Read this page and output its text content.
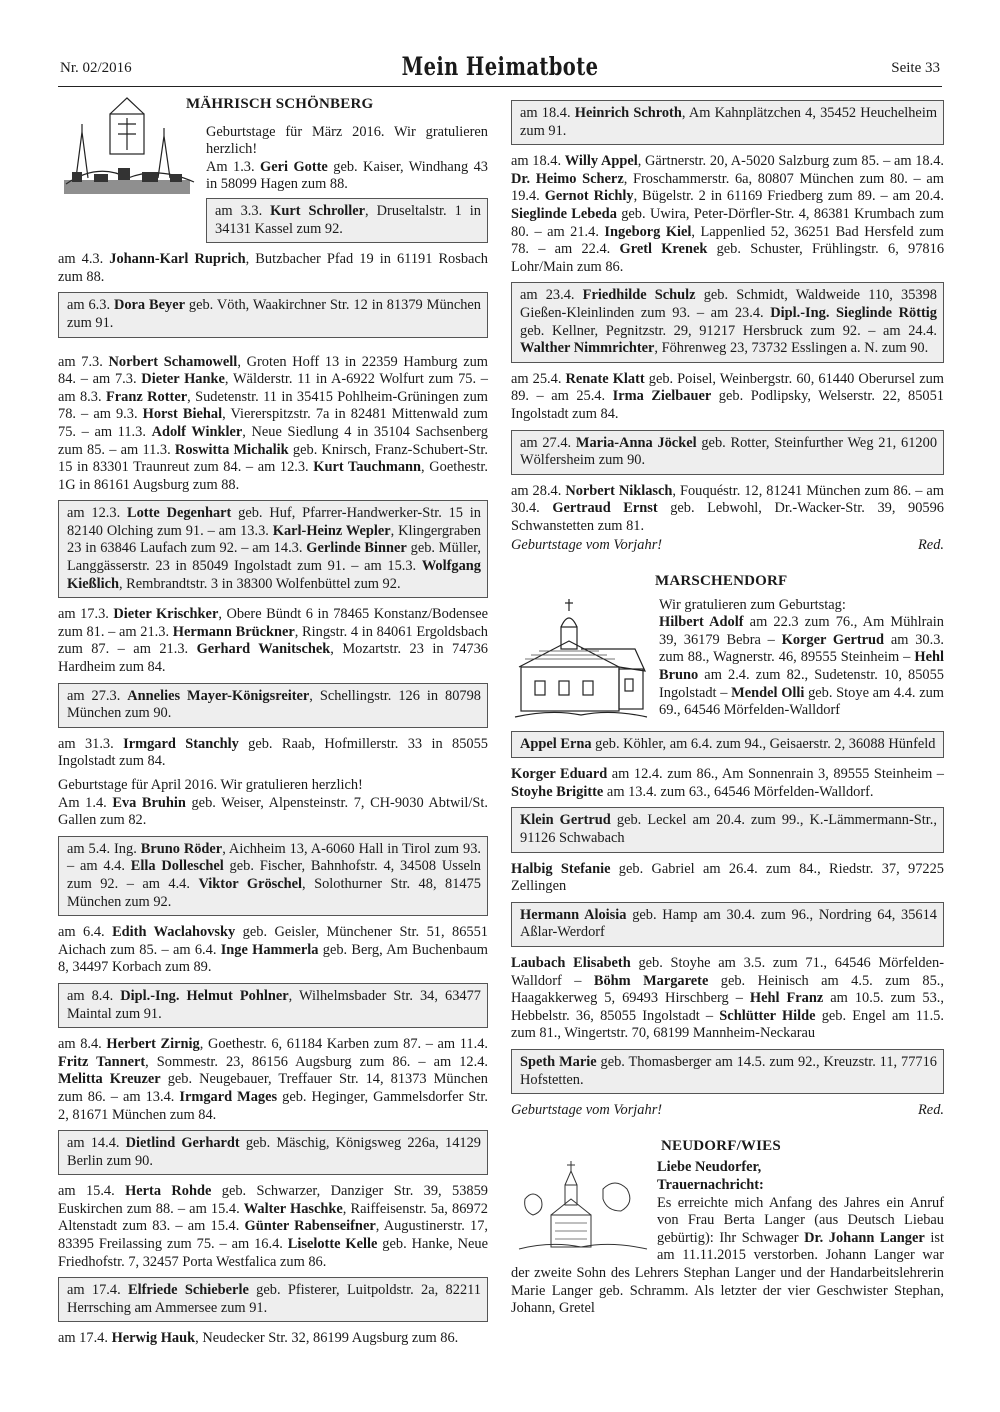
Nr. 02/2016	Mein Heimatbote	Seite 33
MÄHRISCH SCHÖNBERG
Geburtstage für März 2016. Wir gratulieren herzlich!
Am 1.3. Geri Gotte geb. Kaiser, Windhang 43 in 58099 Hagen zum 88.
am 3.3. Kurt Schroller, Druseltalstr. 1 in 34131 Kassel zum 92.

am 4.3. Johann-Karl Ruprich, Butzbacher Pfad 19 in 61191 Rosbach zum 88.

am 6.3. Dora Beyer geb. Vöth, Waakirchner Str. 12 in 81379 München zum 91.

am 7.3. Norbert Schamowell, Groten Hoff 13 in 22359 Hamburg zum 84. – am 7.3. Dieter Hanke, Wälderstr. 11 in A-6922 Wolfurt zum 75. – am 8.3. Franz Rotter, Sudetenstr. 11 in 35415 Pohlheim-Grüningen zum 78. – am 9.3. Horst Biehal, Viererspitzstr. 7a in 82481 Mittenwald zum 75. – am 11.3. Adolf Winkler, Neue Siedlung 4 in 35104 Sachsenberg zum 85. – am 11.3. Roswitta Michalik geb. Knirsch, Franz-Schubert-Str. 15 in 83301 Traunreut zum 84. – am 12.3. Kurt Tauchmann, Goethestr. 1G in 86161 Augsburg zum 88.

am 12.3. Lotte Degenhart geb. Huf, Pfarrer-Handwerker-Str. 15 in 82140 Olching zum 91. – am 13.3. Karl-Heinz Wepler, Klingergraben 23 in 63846 Laufach zum 92. – am 14.3. Gerlinde Binner geb. Müller, Langgässerstr. 23 in 85049 Ingolstadt zum 91. – am 15.3. Wolfgang Kießlich, Rembrandtstr. 3 in 38300 Wolfenbüttel zum 92.

am 17.3. Dieter Krischker, Obere Bündt 6 in 78465 Konstanz/Bodensee zum 81. – am 21.3. Hermann Brückner, Ringstr. 4 in 84061 Ergoldsbach zum 87. – am 21.3. Gerhard Wanitschek, Mozartstr. 23 in 74736 Hardheim zum 84.

am 27.3. Annelies Mayer-Königsreiter, Schellingstr. 126 in 80798 München zum 90.

am 31.3. Irmgard Stanchly geb. Raab, Hofmillerstr. 33 in 85055 Ingolstadt zum 84.

Geburtstage für April 2016. Wir gratulieren herzlich!
Am 1.4. Eva Bruhin geb. Weiser, Alpensteinstr. 7, CH-9030 Abtwil/St. Gallen zum 82.

am 5.4. Ing. Bruno Röder, Aichheim 13, A-6060 Hall in Tirol zum 93. – am 4.4. Ella Dolleschel geb. Fischer, Bahnhofstr. 4, 34508 Usseln zum 92. – am 4.4. Viktor Gröschel, Solothurner Str. 48, 81475 München zum 92.

am 6.4. Edith Waclahovsky geb. Geisler, Münchener Str. 51, 86551 Aichach zum 85. – am 6.4. Inge Hammerla geb. Berg, Am Buchenbaum 8, 34497 Korbach zum 89.

am 8.4. Dipl.-Ing. Helmut Pohlner, Wilhelmsbader Str. 34, 63477 Maintal zum 91.

am 8.4. Herbert Zirnig, Goethestr. 6, 61184 Karben zum 87. – am 11.4. Fritz Tannert, Sommestr. 23, 86156 Augsburg zum 86. – am 12.4. Melitta Kreuzer geb. Neugebauer, Treffauer Str. 14, 81373 München zum 86. – am 13.4. Irmgard Mages geb. Heginger, Gammelsdorfer Str. 2, 81671 München zum 84.

am 14.4. Dietlind Gerhardt geb. Mäschig, Königsweg 226a, 14129 Berlin zum 90.

am 15.4. Herta Rohde geb. Schwarzer, Danziger Str. 39, 53859 Euskirchen zum 88. – am 15.4. Walter Haschke, Raiffeisenstr. 5a, 86972 Altenstadt zum 83. – am 15.4. Günter Rabenseifner, Augustinerstr. 17, 83395 Freilassing zum 75. – am 16.4. Liselotte Kelle geb. Hanke, Neue Friedhofstr. 7, 32457 Porta Westfalica zum 86.

am 17.4. Elfriede Schieberle geb. Pfisterer, Luitpoldstr. 2a, 82211 Herrsching am Ammersee zum 91.

am 17.4. Herwig Hauk, Neudecker Str. 32, 86199 Augsburg zum 86.

am 18.4. Heinrich Schroth, Am Kahnplätzchen 4, 35452 Heuchelheim zum 91.

am 18.4. Willy Appel, Gärtnerstr. 20, A-5020 Salzburg zum 85. – am 18.4. Dr. Heimo Scherz, Froschammerstr. 6a, 80807 München zum 80. – am 19.4. Gernot Richly, Bügelstr. 2 in 61169 Friedberg zum 89. – am 20.4. Sieglinde Lebeda geb. Uwira, Peter-Dörfler-Str. 4, 86381 Krumbach zum 80. – am 21.4. Ingeborg Kiel, Lappenlied 52, 36251 Bad Hersfeld zum 78. – am 22.4. Gretl Krenek geb. Schuster, Frühlingstr. 6, 97816 Lohr/Main zum 86.

am 23.4. Friedhilde Schulz geb. Schmidt, Waldweide 110, 35398 Gießen-Kleinlinden zum 93. – am 23.4. Dipl.-Ing. Sieglinde Röttig geb. Kellner, Pegnitzstr. 29, 91217 Hersbruck zum 92. – am 24.4. Walther Nimmrichter, Föhrenweg 23, 73732 Esslingen a. N. zum 90.

am 25.4. Renate Klatt geb. Poisel, Weinbergstr. 60, 61440 Oberursel zum 89. – am 25.4. Irma Zielbauer geb. Podlipsky, Welserstr. 22, 85051 Ingolstadt zum 84.

am 27.4. Maria-Anna Jöckel geb. Rotter, Steinfurther Weg 21, 61200 Wölfersheim zum 90.

am 28.4. Norbert Niklasch, Fouquéstr. 12, 81241 München zum 86. – am 30.4. Gertraud Ernst geb. Lebwohl, Dr.-Wacker-Str. 39, 90596 Schwanstetten zum 81.

Geburtstage vom Vorjahr!	Red.
MARSCHENDORF
Wir gratulieren zum Geburtstag:
Hilbert Adolf am 22.3 zum 76., Am Mühlrain 39, 36179 Bebra – Korger Gertrud am 30.3. zum 88., Wagnerstr. 46, 89555 Steinheim – Hehl Bruno am 2.4. zum 82., Sudetenstr. 10, 85055 Ingolstadt – Mendel Olli geb. Stoye am 4.4. zum 69., 64546 Mörfelden-Walldorf
Appel Erna geb. Köhler, am 6.4. zum 94., Geisaerstr. 2, 36088 Hünfeld

Korger Eduard am 12.4. zum 86., Am Sonnenrain 3, 89555 Steinheim – Stoyhe Brigitte am 13.4. zum 63., 64546 Mörfelden-Walldorf.

Klein Gertrud geb. Leckel am 20.4. zum 99., K.-Lämmermann-Str., 91126 Schwabach

Halbig Stefanie geb. Gabriel am 26.4. zum 84., Riedstr. 37, 97225 Zellingen

Hermann Aloisia geb. Hamp am 30.4. zum 96., Nordring 64, 35614 Aßlar-Werdorf

Laubach Elisabeth geb. Stoyhe am 3.5. zum 71., 64546 Mörfelden-Walldorf – Böhm Margarete geb. Heinisch am 4.5. zum 85., Haagakkerweg 5, 69493 Hirschberg – Hehl Franz am 10.5. zum 53., Hebbelstr. 36, 85055 Ingolstadt – Schlütter Hilde geb. Engel am 11.5. zum 81., Wingertstr. 70, 68199 Mannheim-Neckarau

Speth Marie geb. Thomasberger am 14.5. zum 92., Kreuzstr. 11, 77716 Hofstetten.
Geburtstage vom Vorjahr!	Red.
NEUDORF/WIES
Liebe Neudorfer,
Trauernachricht:
Es erreichte mich Anfang des Jahres ein Anruf von Frau Berta Langer (aus Deutsch Liebau gebürtig): Ihr Schwager Dr. Johann Langer ist am 11.11.2015 verstorben. Johann Langer war der zweite Sohn des Lehrers Stephan Langer und der Handarbeitslehrerin Marie Langer geb. Schramm. Als letzter der vier Geschwister Stephan, Johann, Gretel
